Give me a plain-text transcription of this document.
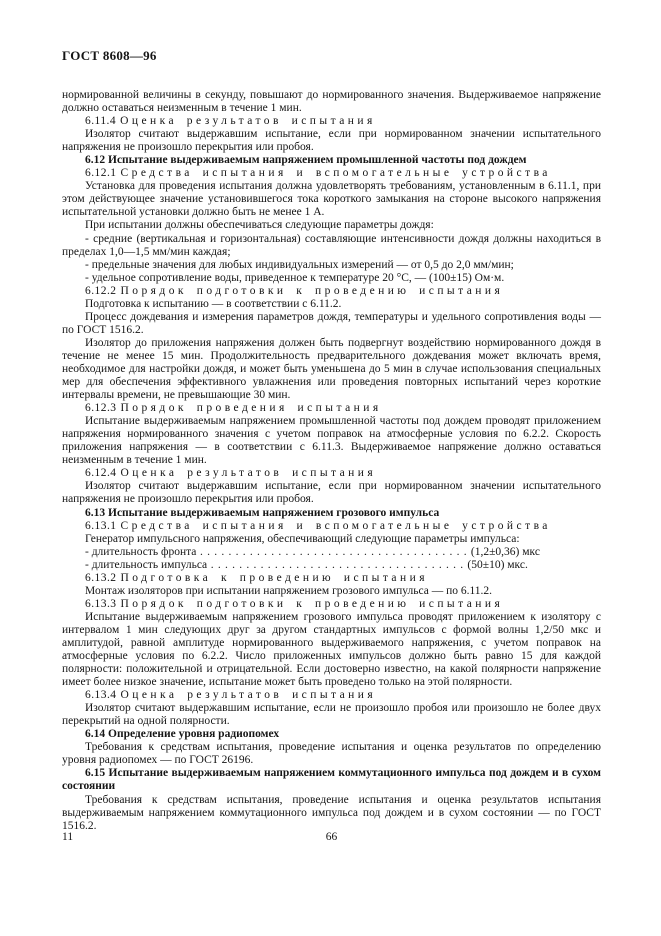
ГОСТ 8608—96

нормированной величины в секунду, повышают до нормированного значения. Выдерживаемое напряжение должно оставаться неизменным в течение 1 мин.

6.11.4 Оценка результатов испытания

Изолятор считают выдержавшим испытание, если при нормированном значении испытательного напряжения не произошло перекрытия или пробоя.

6.12 Испытание выдерживаемым напряжением промышленной частоты под дождем
6.12.1 Средства испытания и вспомогательные устройства

Установка для проведения испытания должна удовлетворять требованиям, установленным в 6.11.1, при этом действующее значение установившегося тока короткого замыкания на стороне высокого напряжения испытательной установки должно быть не менее 1 А.

При испытании должны обеспечиваться следующие параметры дождя:

- средние (вертикальная и горизонтальная) составляющие интенсивности дождя должны находиться в пределах 1,0—1,5 мм/мин каждая;

- предельные значения для любых индивидуальных измерений — от 0,5 до 2,0 мм/мин;

- удельное сопротивление воды, приведенное к температуре 20 °С, — (100±15) Ом·м.

6.12.2 Порядок подготовки к проведению испытания

Подготовка к испытанию — в соответствии с 6.11.2.

Процесс дождевания и измерения параметров дождя, температуры и удельного сопротивления воды — по ГОСТ 1516.2.

Изолятор до приложения напряжения должен быть подвергнут воздействию нормированного дождя в течение не менее 15 мин. Продолжительность предварительного дождевания может включать время, необходимое для настройки дождя, и может быть уменьшена до 5 мин в случае использования специальных мер для обеспечения эффективного увлажнения или проведения повторных испытаний через короткие интервалы времени, не превышающие 30 мин.

6.12.3 Порядок проведения испытания

Испытание выдерживаемым напряжением промышленной частоты под дождем проводят приложением напряжения нормированного значения с учетом поправок на атмосферные условия по 6.2.2. Скорость приложения напряжения — в соответствии с 6.11.3. Выдерживаемое напряжение должно оставаться неизменным в течение 1 мин.

6.12.4 Оценка результатов испытания

Изолятор считают выдержавшим испытание, если при нормированном значении испытательного напряжения не произошло перекрытия или пробоя.

6.13 Испытание выдерживаемым напряжением грозового импульса
6.13.1 Средства испытания и вспомогательные устройства

Генератор импульсного напряжения, обеспечивающий следующие параметры импульса:

- длительность фронта . . . . . . . . . . . . . . . . . . . . . . . . . . . . . . . . . . . . . . (1,2±0,36) мкс

- длительность импульса . . . . . . . . . . . . . . . . . . . . . . . . . . . . . . . . . . . . (50±10) мкс.

6.13.2 Подготовка к проведению испытания

Монтаж изоляторов при испытании напряжением грозового импульса — по 6.11.2.

6.13.3 Порядок подготовки к проведению испытания

Испытание выдерживаемым напряжением грозового импульса проводят приложением к изолятору с интервалом 1 мин следующих друг за другом стандартных импульсов с формой волны 1,2/50 мкс и амплитудой, равной амплитуде нормированного выдерживаемого напряжения, с учетом поправок на атмосферные условия по 6.2.2. Число приложенных импульсов должно быть равно 15 для каждой полярности: положительной и отрицательной. Если достоверно известно, на какой полярности напряжение имеет более низкое значение, испытание может быть проведено только на этой полярности.

6.13.4 Оценка результатов испытания

Изолятор считают выдержавшим испытание, если не произошло пробоя или произошло не более двух перекрытий на одной полярности.

6.14 Определение уровня радиопомех

Требования к средствам испытания, проведение испытания и оценка результатов по определению уровня радиопомех — по ГОСТ 26196.

6.15 Испытание выдерживаемым напряжением коммутационного импульса под дождем и в сухом состоянии

Требования к средствам испытания, проведение испытания и оценка результатов испытания выдерживаемым напряжением коммутационного импульса под дождем и в сухом состоянии — по ГОСТ 1516.2.

11	66
